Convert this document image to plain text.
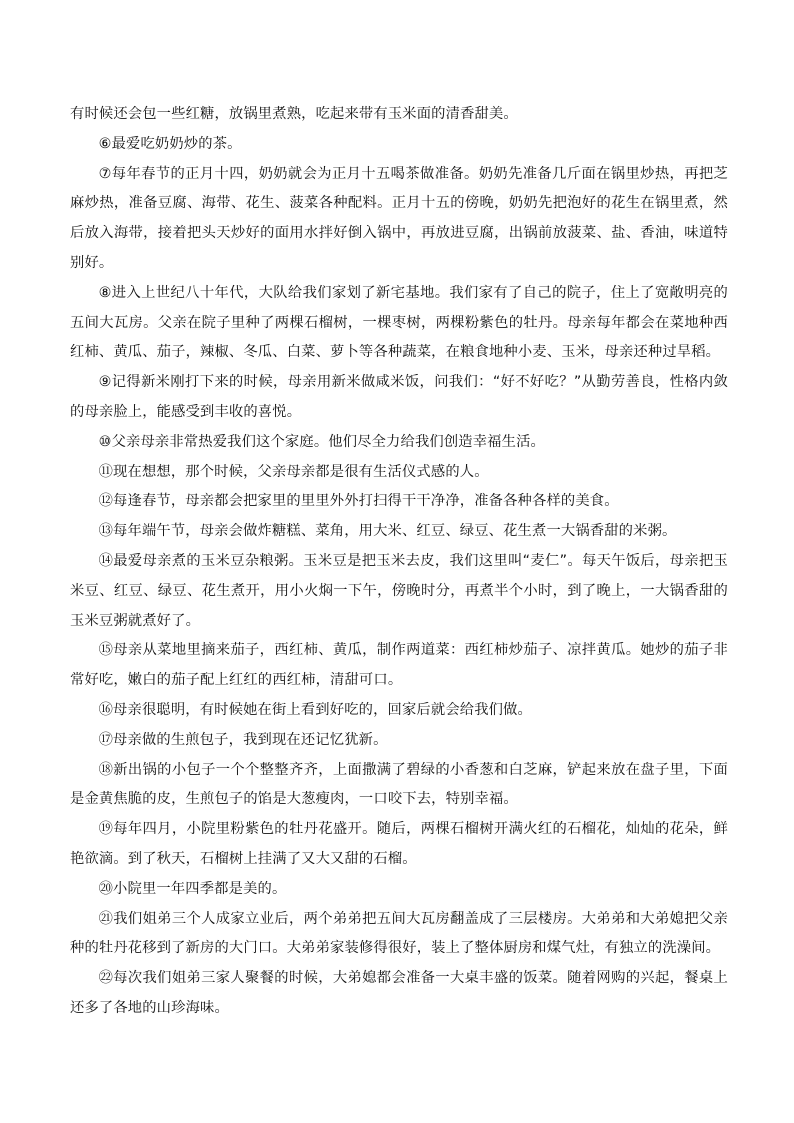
有时候还会包一些红糖，放锅里煮熟，吃起来带有玉米面的清香甜美。

⑥最爱吃奶奶炒的茶。

⑦每年春节的正月十四，奶奶就会为正月十五喝茶做准备。奶奶先准备几斤面在锅里炒热，再把芝麻炒热，准备豆腐、海带、花生、菠菜各种配料。正月十五的傍晚，奶奶先把泡好的花生在锅里煮，然后放入海带，接着把头天炒好的面用水拌好倒入锅中，再放进豆腐，出锅前放菠菜、盐、香油，味道特别好。

⑧进入上世纪八十年代，大队给我们家划了新宅基地。我们家有了自己的院子，住上了宽敞明亮的五间大瓦房。父亲在院子里种了两棵石榴树，一棵枣树，两棵粉紫色的牡丹。母亲每年都会在菜地种西红柿、黄瓜、茄子，辣椒、冬瓜、白菜、萝卜等各种蔬菜，在粮食地种小麦、玉米，母亲还种过旱稻。

⑨记得新米刚打下来的时候，母亲用新米做咸米饭，问我们：“好不好吃？”从勤劳善良，性格内敛的母亲脸上，能感受到丰收的喜悦。

⑩父亲母亲非常热爱我们这个家庭。他们尽全力给我们创造幸福生活。

⑪现在想想，那个时候，父亲母亲都是很有生活仪式感的人。

⑫每逢春节，母亲都会把家里的里里外外打扫得干干净净，准备各种各样的美食。

⑬每年端午节，母亲会做炸糖糕、菜角，用大米、红豆、绿豆、花生煮一大锅香甜的米粥。

⑭最爱母亲煮的玉米豆杂粮粥。玉米豆是把玉米去皮，我们这里叫“麦仁”。每天午饭后，母亲把玉米豆、红豆、绿豆、花生煮开，用小火焖一下午，傍晚时分，再煮半个小时，到了晚上，一大锅香甜的玉米豆粥就煮好了。

⑮母亲从菜地里摘来茄子，西红柿、黄瓜，制作两道菜：西红柿炒茄子、凉拌黄瓜。她炒的茄子非常好吃，嫩白的茄子配上红红的西红柿，清甜可口。

⑯母亲很聪明，有时候她在街上看到好吃的，回家后就会给我们做。

⑰母亲做的生煎包子，我到现在还记忆犹新。

⑱新出锅的小包子一个个整整齐齐，上面撒满了碧绿的小香葱和白芝麻，铲起来放在盘子里，下面是金黄焦脆的皮，生煎包子的馅是大葱瘦肉，一口咬下去，特别幸福。

⑲每年四月，小院里粉紫色的牡丹花盛开。随后，两棵石榴树开满火红的石榴花，灿灿的花朵，鲜艳欲滴。到了秋天，石榴树上挂满了又大又甜的石榴。

⑳小院里一年四季都是美的。

㉑我们姐弟三个人成家立业后，两个弟弟把五间大瓦房翻盖成了三层楼房。大弟弟和大弟媳把父亲种的牡丹花移到了新房的大门口。大弟弟家装修得很好，装上了整体厨房和煤气灶，有独立的洗澡间。

㉒每次我们姐弟三家人聚餐的时候，大弟媳都会准备一大桌丰盛的饭菜。随着网购的兴起，餐桌上还多了各地的山珍海味。
